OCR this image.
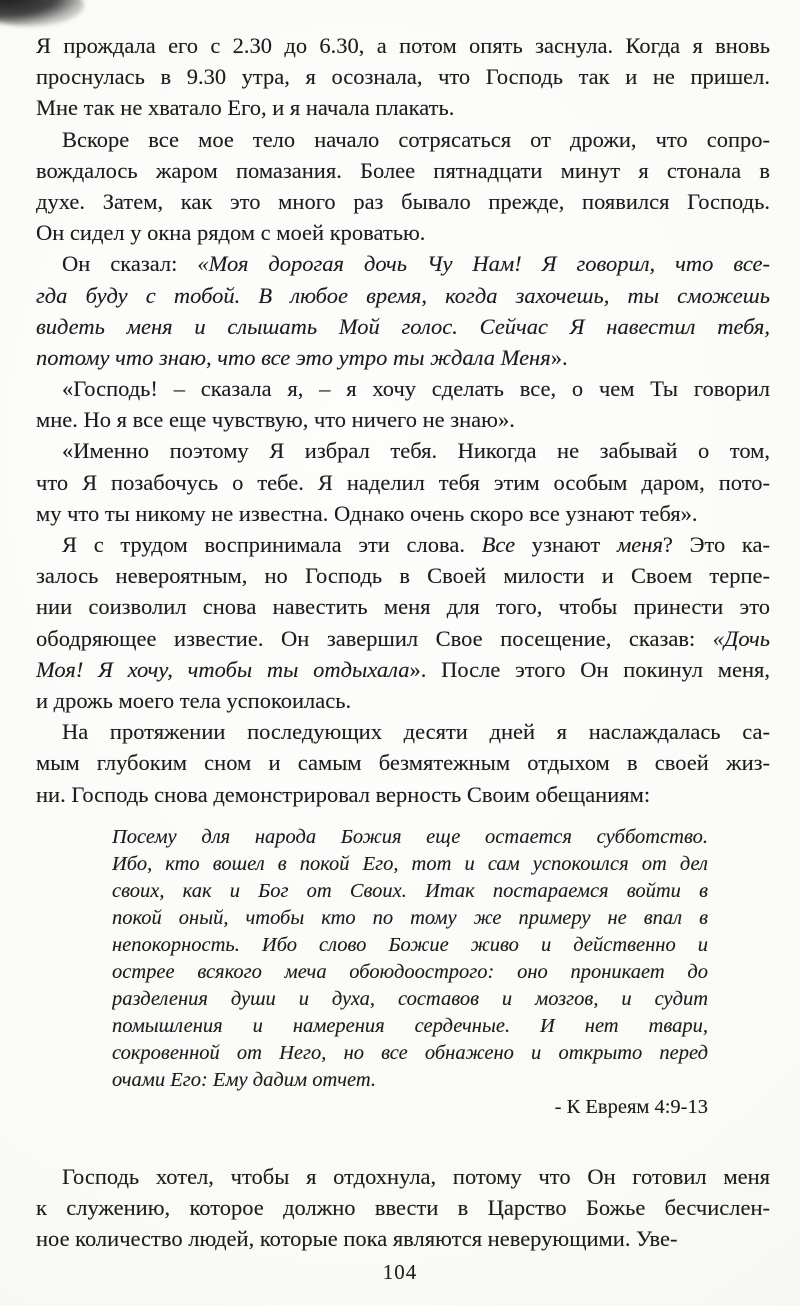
Я прождала его с 2.30 до 6.30, а потом опять заснула. Когда я вновь
проснулась в 9.30 утра, я осознала, что Господь так и не пришел.
Мне так не хватало Его, и я начала плакать.
Вскоре все мое тело начало сотрясаться от дрожи, что сопро-
вождалось жаром помазания. Более пятнадцати минут я стонала в
духе. Затем, как это много раз бывало прежде, появился Господь.
Он сидел у окна рядом с моей кроватью.
Он сказал: «Моя дорогая дочь Чу Нам! Я говорил, что все-
гда буду с тобой. В любое время, когда захочешь, ты сможешь
видеть меня и слышать Мой голос. Сейчас Я навестил тебя,
потому что знаю, что все это утро ты ждала Меня».
«Господь! – сказала я, – я хочу сделать все, о чем Ты говорил
мне. Но я все еще чувствую, что ничего не знаю».
«Именно поэтому Я избрал тебя. Никогда не забывай о том,
что Я позабочусь о тебе. Я наделил тебя этим особым даром, пото-
му что ты никому не известна. Однако очень скоро все узнают тебя».
Я с трудом воспринимала эти слова. Все узнают меня? Это ка-
залось невероятным, но Господь в Своей милости и Своем терпе-
нии соизволил снова навестить меня для того, чтобы принести это
ободряющее известие. Он завершил Свое посещение, сказав: «Дочь
Моя! Я хочу, чтобы ты отдыхала». После этого Он покинул меня,
и дрожь моего тела успокоилась.
На протяжении последующих десяти дней я наслаждалась са-
мым глубоким сном и самым безмятежным отдыхом в своей жиз-
ни. Господь снова демонстрировал верность Своим обещаниям:
Посему для народа Божия еще остается субботство.
Ибо, кто вошел в покой Его, тот и сам успокоился от дел
своих, как и Бог от Своих. Итак постараемся войти в
покой оный, чтобы кто по тому же примеру не впал в
непокорность. Ибо слово Божие живо и действенно и
острее всякого меча обоюдоострого: оно проникает до
разделения души и духа, составов и мозгов, и судит
помышления и намерения сердечные. И нет твари,
сокровенной от Него, но все обнажено и открыто перед
очами Его: Ему дадим отчет.
- К Евреям 4:9-13
Господь хотел, чтобы я отдохнула, потому что Он готовил меня
к служению, которое должно ввести в Царство Божье бесчислен-
ное количество людей, которые пока являются неверующими. Уве-
104
